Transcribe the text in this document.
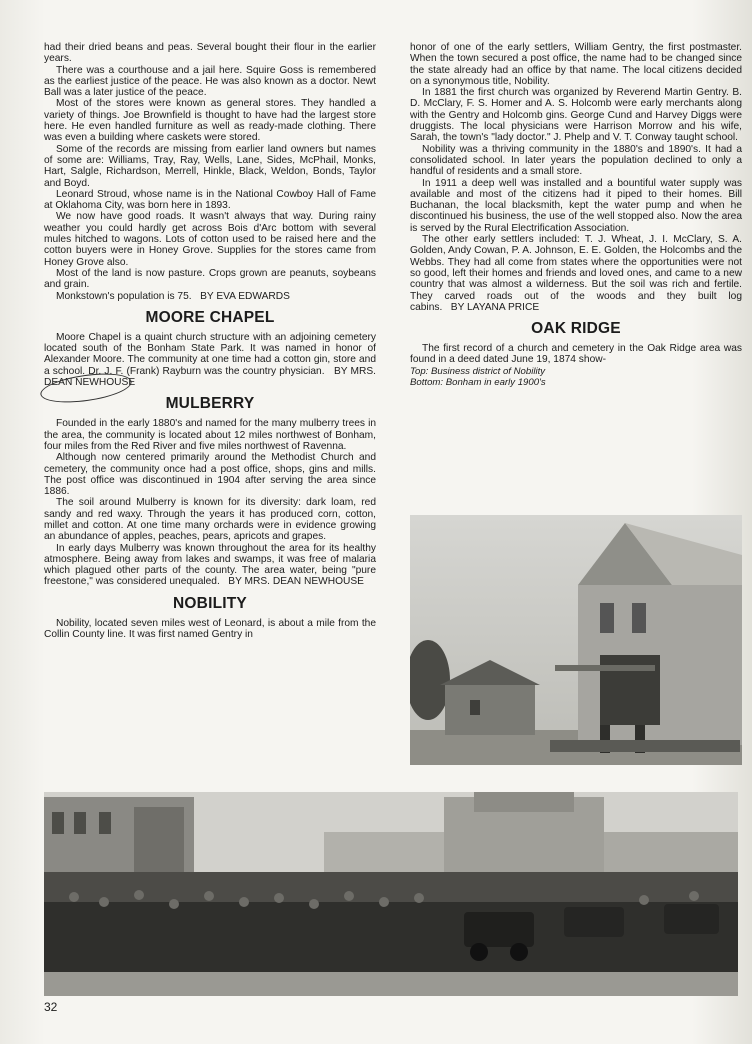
had their dried beans and peas. Several bought their flour in the earlier years.

There was a courthouse and a jail here. Squire Goss is remembered as the earliest justice of the peace. He was also known as a doctor. Newt Ball was a later justice of the peace.

Most of the stores were known as general stores. They handled a variety of things. Joe Brownfield is thought to have had the largest store here. He even handled furniture as well as ready-made clothing. There was even a building where caskets were stored.

Some of the records are missing from earlier land owners but names of some are: Williams, Tray, Ray, Wells, Lane, Sides, McPhail, Monks, Hart, Salgle, Richardson, Merrell, Hinkle, Black, Weldon, Bonds, Taylor and Boyd.

Leonard Stroud, whose name is in the National Cowboy Hall of Fame at Oklahoma City, was born here in 1893.

We now have good roads. It wasn't always that way. During rainy weather you could hardly get across Bois d'Arc bottom with several mules hitched to wagons. Lots of cotton used to be raised here and the cotton buyers were in Honey Grove. Supplies for the stores came from Honey Grove also.

Most of the land is now pasture. Crops grown are peanuts, soybeans and grain.

Monkstown's population is 75. BY EVA EDWARDS

MOORE CHAPEL

Moore Chapel is a quaint church structure with an adjoining cemetery located south of the Bonham State Park. It was named in honor of Alexander Moore. The community at one time had a cotton gin, store and a school. Dr. J. F. (Frank) Rayburn was the country physician. BY MRS. DEAN NEWHOUSE

MULBERRY

Founded in the early 1880's and named for the many mulberry trees in the area, the community is located about 12 miles northwest of Bonham, four miles from the Red River and five miles northwest of Ravenna.

Although now centered primarily around the Methodist Church and cemetery, the community once had a post office, shops, gins and mills. The post office was discontinued in 1904 after serving the area since 1886.

The soil around Mulberry is known for its diversity: dark loam, red sandy and red waxy. Through the years it has produced corn, cotton, millet and cotton. At one time many orchards were in evidence growing an abundance of apples, peaches, pears, apricots and grapes.

In early days Mulberry was known throughout the area for its healthy atmosphere. Being away from lakes and swamps, it was free of malaria which plagued other parts of the county. The area water, being "pure freestone," was considered unequaled. BY MRS. DEAN NEWHOUSE

NOBILITY

Nobility, located seven miles west of Leonard, is about a mile from the Collin County line. It was first named Gentry in

honor of one of the early settlers, William Gentry, the first postmaster. When the town secured a post office, the name had to be changed since the state already had an office by that name. The local citizens decided on a synonymous title, Nobility.

In 1881 the first church was organized by Reverend Martin Gentry. B. D. McClary, F. S. Homer and A. S. Holcomb were early merchants along with the Gentry and Holcomb gins. George Cund and Harvey Diggs were druggists. The local physicians were Harrison Morrow and his wife, Sarah, the town's "lady doctor." J. Phelp and V. T. Conway taught school.

Nobility was a thriving community in the 1880's and 1890's. It had a consolidated school. In later years the population declined to only a handful of residents and a small store.

In 1911 a deep well was installed and a bountiful water supply was available and most of the citizens had it piped to their homes. Bill Buchanan, the local blacksmith, kept the water pump and when he discontinued his business, the use of the well stopped also. Now the area is served by the Rural Electrification Association.

The other early settlers included: T. J. Wheat, J. I. McClary, S. A. Golden, Andy Cowan, P. A. Johnson, E. E. Golden, the Holcombs and the Webbs. They had all come from states where the opportunities were not so good, left their homes and friends and loved ones, and came to a new country that was almost a wilderness. But the soil was rich and fertile. They carved roads out of the woods and they built log cabins. BY LAYANA PRICE

OAK RIDGE

The first record of a church and cemetery in the Oak Ridge area was found in a deed dated June 19, 1874 show-

Top: Business district of Nobility
Bottom: Bonham in early 1900's

32
